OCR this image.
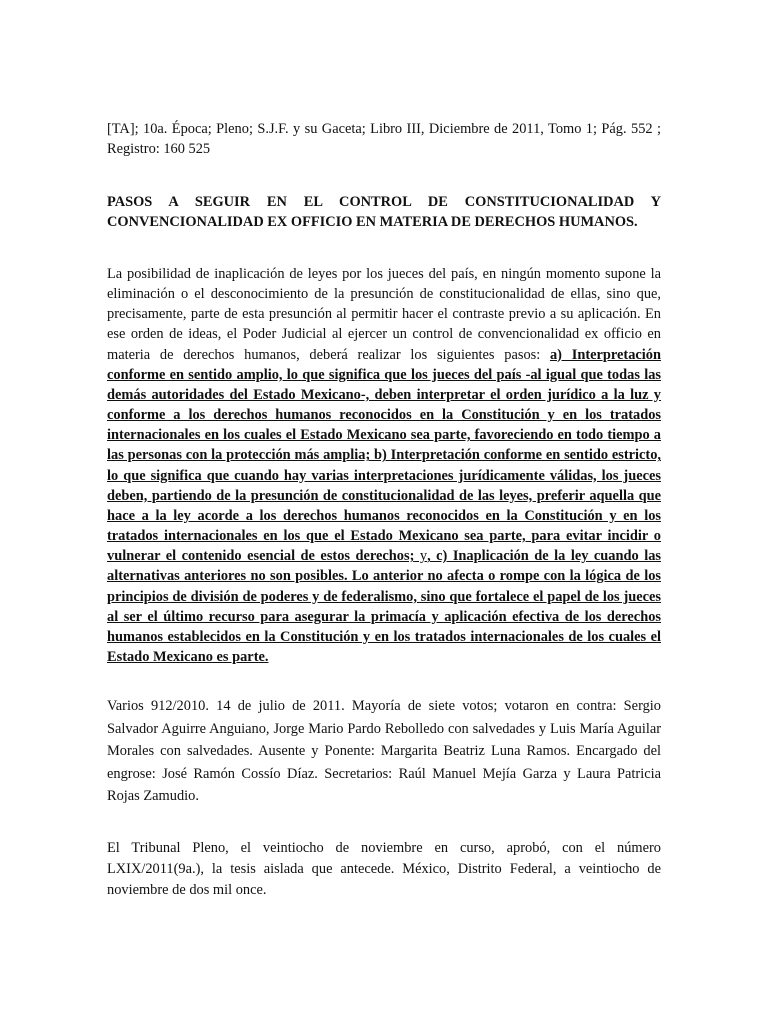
[TA]; 10a. Época; Pleno; S.J.F. y su Gaceta; Libro III, Diciembre de 2011, Tomo 1; Pág. 552 ; Registro: 160 525

PASOS A SEGUIR EN EL CONTROL DE CONSTITUCIONALIDAD Y CONVENCIONALIDAD EX OFFICIO EN MATERIA DE DERECHOS HUMANOS.

La posibilidad de inaplicación de leyes por los jueces del país, en ningún momento supone la eliminación o el desconocimiento de la presunción de constitucionalidad de ellas, sino que, precisamente, parte de esta presunción al permitir hacer el contraste previo a su aplicación. En ese orden de ideas, el Poder Judicial al ejercer un control de convencionalidad ex officio en materia de derechos humanos, deberá realizar los siguientes pasos: a) Interpretación conforme en sentido amplio, lo que significa que los jueces del país -al igual que todas las demás autoridades del Estado Mexicano-, deben interpretar el orden jurídico a la luz y conforme a los derechos humanos reconocidos en la Constitución y en los tratados internacionales en los cuales el Estado Mexicano sea parte, favoreciendo en todo tiempo a las personas con la protección más amplia; b) Interpretación conforme en sentido estricto, lo que significa que cuando hay varias interpretaciones jurídicamente válidas, los jueces deben, partiendo de la presunción de constitucionalidad de las leyes, preferir aquella que hace a la ley acorde a los derechos humanos reconocidos en la Constitución y en los tratados internacionales en los que el Estado Mexicano sea parte, para evitar incidir o vulnerar el contenido esencial de estos derechos; y, c) Inaplicación de la ley cuando las alternativas anteriores no son posibles. Lo anterior no afecta o rompe con la lógica de los principios de división de poderes y de federalismo, sino que fortalece el papel de los jueces al ser el último recurso para asegurar la primacía y aplicación efectiva de los derechos humanos establecidos en la Constitución y en los tratados internacionales de los cuales el Estado Mexicano es parte.

Varios 912/2010. 14 de julio de 2011. Mayoría de siete votos; votaron en contra: Sergio Salvador Aguirre Anguiano, Jorge Mario Pardo Rebolledo con salvedades y Luis María Aguilar Morales con salvedades. Ausente y Ponente: Margarita Beatriz Luna Ramos. Encargado del engrose: José Ramón Cossío Díaz. Secretarios: Raúl Manuel Mejía Garza y Laura Patricia Rojas Zamudio.

El Tribunal Pleno, el veintiocho de noviembre en curso, aprobó, con el número LXIX/2011(9a.), la tesis aislada que antecede. México, Distrito Federal, a veintiocho de noviembre de dos mil once.
